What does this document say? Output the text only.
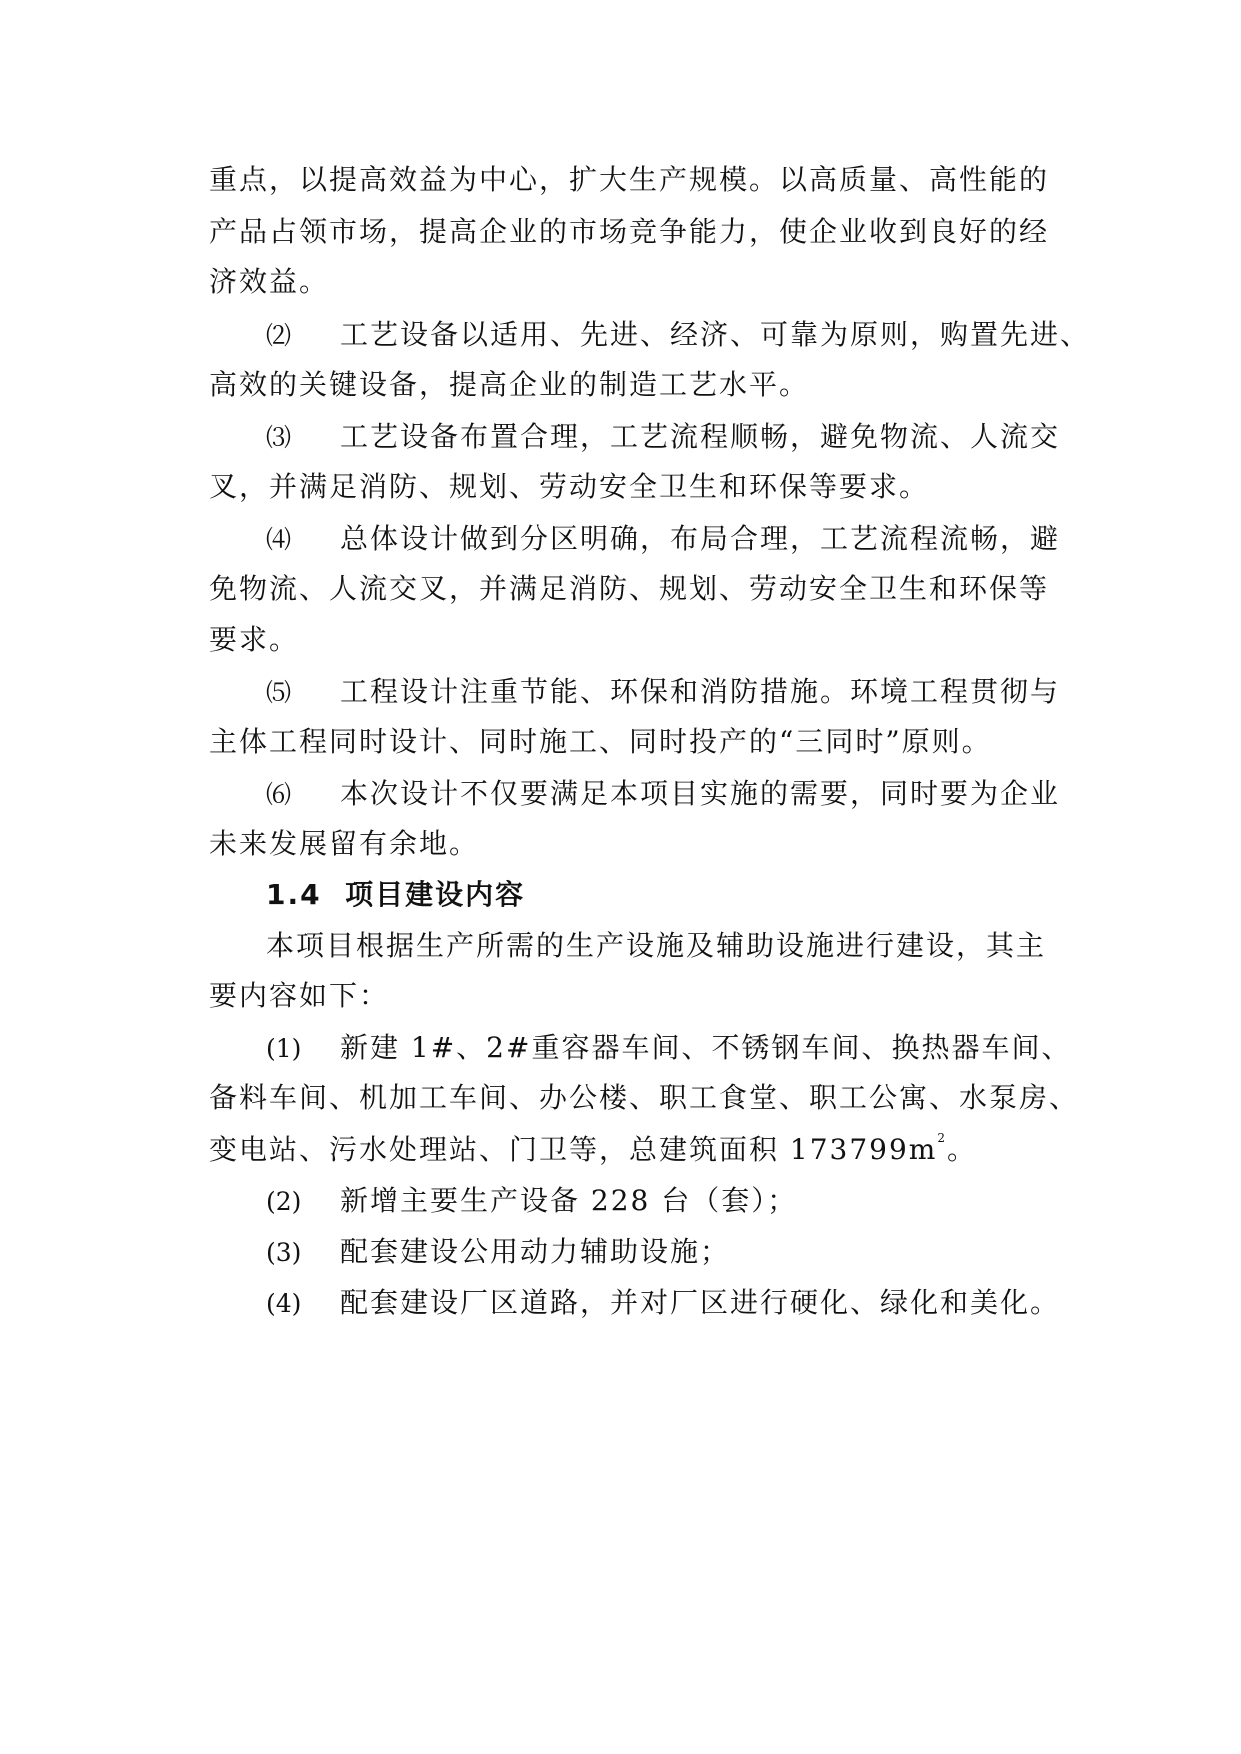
重点，以提高效益为中心，扩大生产规模。以高质量、高性能的
产品占领市场，提高企业的市场竞争能力，使企业收到良好的经
济效益。
⑵ 工艺设备以适用、先进、经济、可靠为原则，购置先进、
高效的关键设备，提高企业的制造工艺水平。
⑶ 工艺设备布置合理，工艺流程顺畅，避免物流、人流交
叉，并满足消防、规划、劳动安全卫生和环保等要求。
⑷ 总体设计做到分区明确，布局合理，工艺流程流畅，避
免物流、人流交叉，并满足消防、规划、劳动安全卫生和环保等
要求。
⑸ 工程设计注重节能、环保和消防措施。环境工程贯彻与
主体工程同时设计、同时施工、同时投产的“三同时”原则。
⑹ 本次设计不仅要满足本项目实施的需要，同时要为企业
未来发展留有余地。
1.4 项目建设内容
本项目根据生产所需的生产设施及辅助设施进行建设，其主
要内容如下：
(1) 新建 1#、2#重容器车间、不锈钢车间、换热器车间、
备料车间、机加工车间、办公楼、职工食堂、职工公寓、水泵房、
变电站、污水处理站、门卫等，总建筑面积 $173799m^2$。
(2) 新增主要生产设备 228 台（套）；
(3) 配套建设公用动力辅助设施；
(4) 配套建设厂区道路，并对厂区进行硬化、绿化和美化。
